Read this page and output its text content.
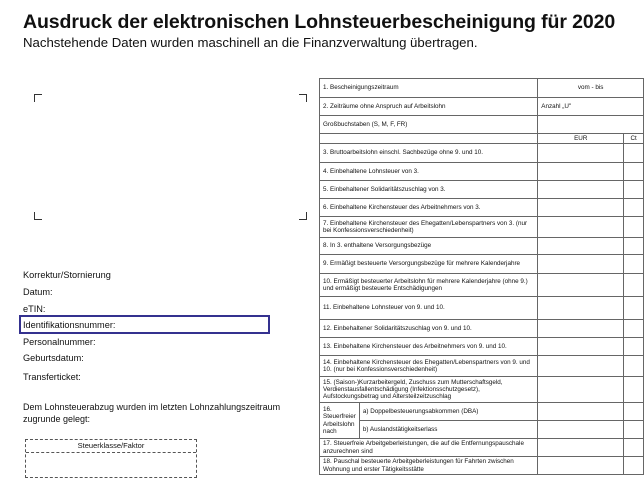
Ausdruck der elektronischen Lohnsteuerbescheinigung für 2020
Nachstehende Daten wurden maschinell an die Finanzverwaltung übertragen.
Korrektur/Stornierung
Datum:
eTIN:
Identifikationsnummer:
Personalnummer:
Geburtsdatum:
Transferticket:
Dem Lohnsteuerabzug wurden im letzten Lohnzahlungszeitraum zugrunde gelegt:
Steuerklasse/Faktor
1. Bescheinigungszeitraum		vom - bis	
2. Zeiträume ohne Anspruch auf Arbeitslohn		Anzahl „U"	
Großbuchstaben (S, M, F, FR)			
		EUR	Ct
3. Bruttoarbeitslohn einschl. Sachbezüge ohne 9. und 10.			
4. Einbehaltene Lohnsteuer von 3.			
5. Einbehaltener Solidaritätszuschlag von 3.			
6. Einbehaltene Kirchensteuer des Arbeitnehmers von 3.			
7. Einbehaltene Kirchensteuer des Ehegatten/Lebenspartners von 3. (nur bei Konfessionsverschiedenheit)			
8. In 3. enthaltene Versorgungsbezüge			
9. Ermäßigt besteuerte Versorgungsbezüge für mehrere Kalenderjahre			
10. Ermäßigt besteuerter Arbeitslohn für mehrere Kalenderjahre (ohne 9.) und ermäßigt besteuerte Entschädigungen			
11. Einbehaltene Lohnsteuer von 9. und 10.			
12. Einbehaltener Solidaritätszuschlag von 9. und 10.			
13. Einbehaltene Kirchensteuer des Arbeitnehmers von 9. und 10.			
14. Einbehaltene Kirchensteuer des Ehegatten/Lebenspartners von 9. und 10. (nur bei Konfessionsverschiedenheit)			
15. (Saison-)Kurzarbeitergeld, Zuschuss zum Mutterschaftsgeld, Verdienstausfallentschädigung (Infektionsschutzgesetz), Aufstockungsbetrag und Altersteilzeitzuschlag			
16. Steuerfreier Arbeitslohn nach	a) Doppelbesteuerungsabkommen (DBA)		
	b) Auslandstätigkeitserlass		
17. Steuerfreie Arbeitgeberleistungen, die auf die Entfernungspauschale anzurechnen sind			
18. Pauschal besteuerte Arbeitgeberleistungen für Fahrten zwischen Wohnung und erster Tätigkeitsstätte			
